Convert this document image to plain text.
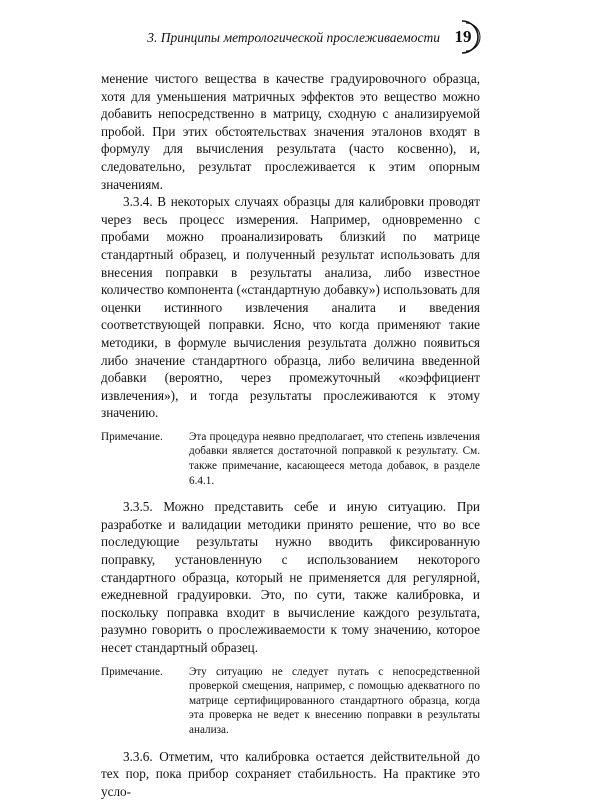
3. Принципы метрологической прослеживаемости 19

менение чистого вещества в качестве градуировочного образца, хотя для уменьшения матричных эффектов это вещество можно добавить непосредственно в матрицу, сходную с анализируемой пробой. При этих обстоятельствах значения эталонов входят в формулу для вычисления результата (часто косвенно), и, следовательно, результат прослеживается к этим опорным значениям.

3.3.4. В некоторых случаях образцы для калибровки проводят через весь процесс измерения. Например, одновременно с пробами можно проанализировать близкий по матрице стандартный образец, и полученный результат использовать для внесения поправки в результаты анализа, либо известное количество компонента («стандартную добавку») использовать для оценки истинного извлечения аналита и введения соответствующей поправки. Ясно, что когда применяют такие методики, в формуле вычисления результата должно появиться либо значение стандартного образца, либо величина введенной добавки (вероятно, через промежуточный «коэффициент извлечения»), и тогда результаты прослеживаются к этому значению.

Примечание.	Эта процедура неявно предполагает, что степень извлечения добавки является достаточной поправкой к результату. См. также примечание, касающееся метода добавок, в разделе 6.4.1.

3.3.5. Можно представить себе и иную ситуацию. При разработке и валидации методики принято решение, что во все последующие результаты нужно вводить фиксированную поправку, установленную с использованием некоторого стандартного образца, который не применяется для регулярной, ежедневной градуировки. Это, по сути, также калибровка, и поскольку поправка входит в вычисление каждого результата, разумно говорить о прослеживаемости к тому значению, которое несет стандартный образец.

Примечание.	Эту ситуацию не следует путать с непосредственной проверкой смещения, например, с помощью адекватного по матрице сертифицированного стандартного образца, когда эта проверка не ведет к внесению поправки в результаты анализа.

3.3.6. Отметим, что калибровка остается действительной до тех пор, пока прибор сохраняет стабильность. На практике это усло-
